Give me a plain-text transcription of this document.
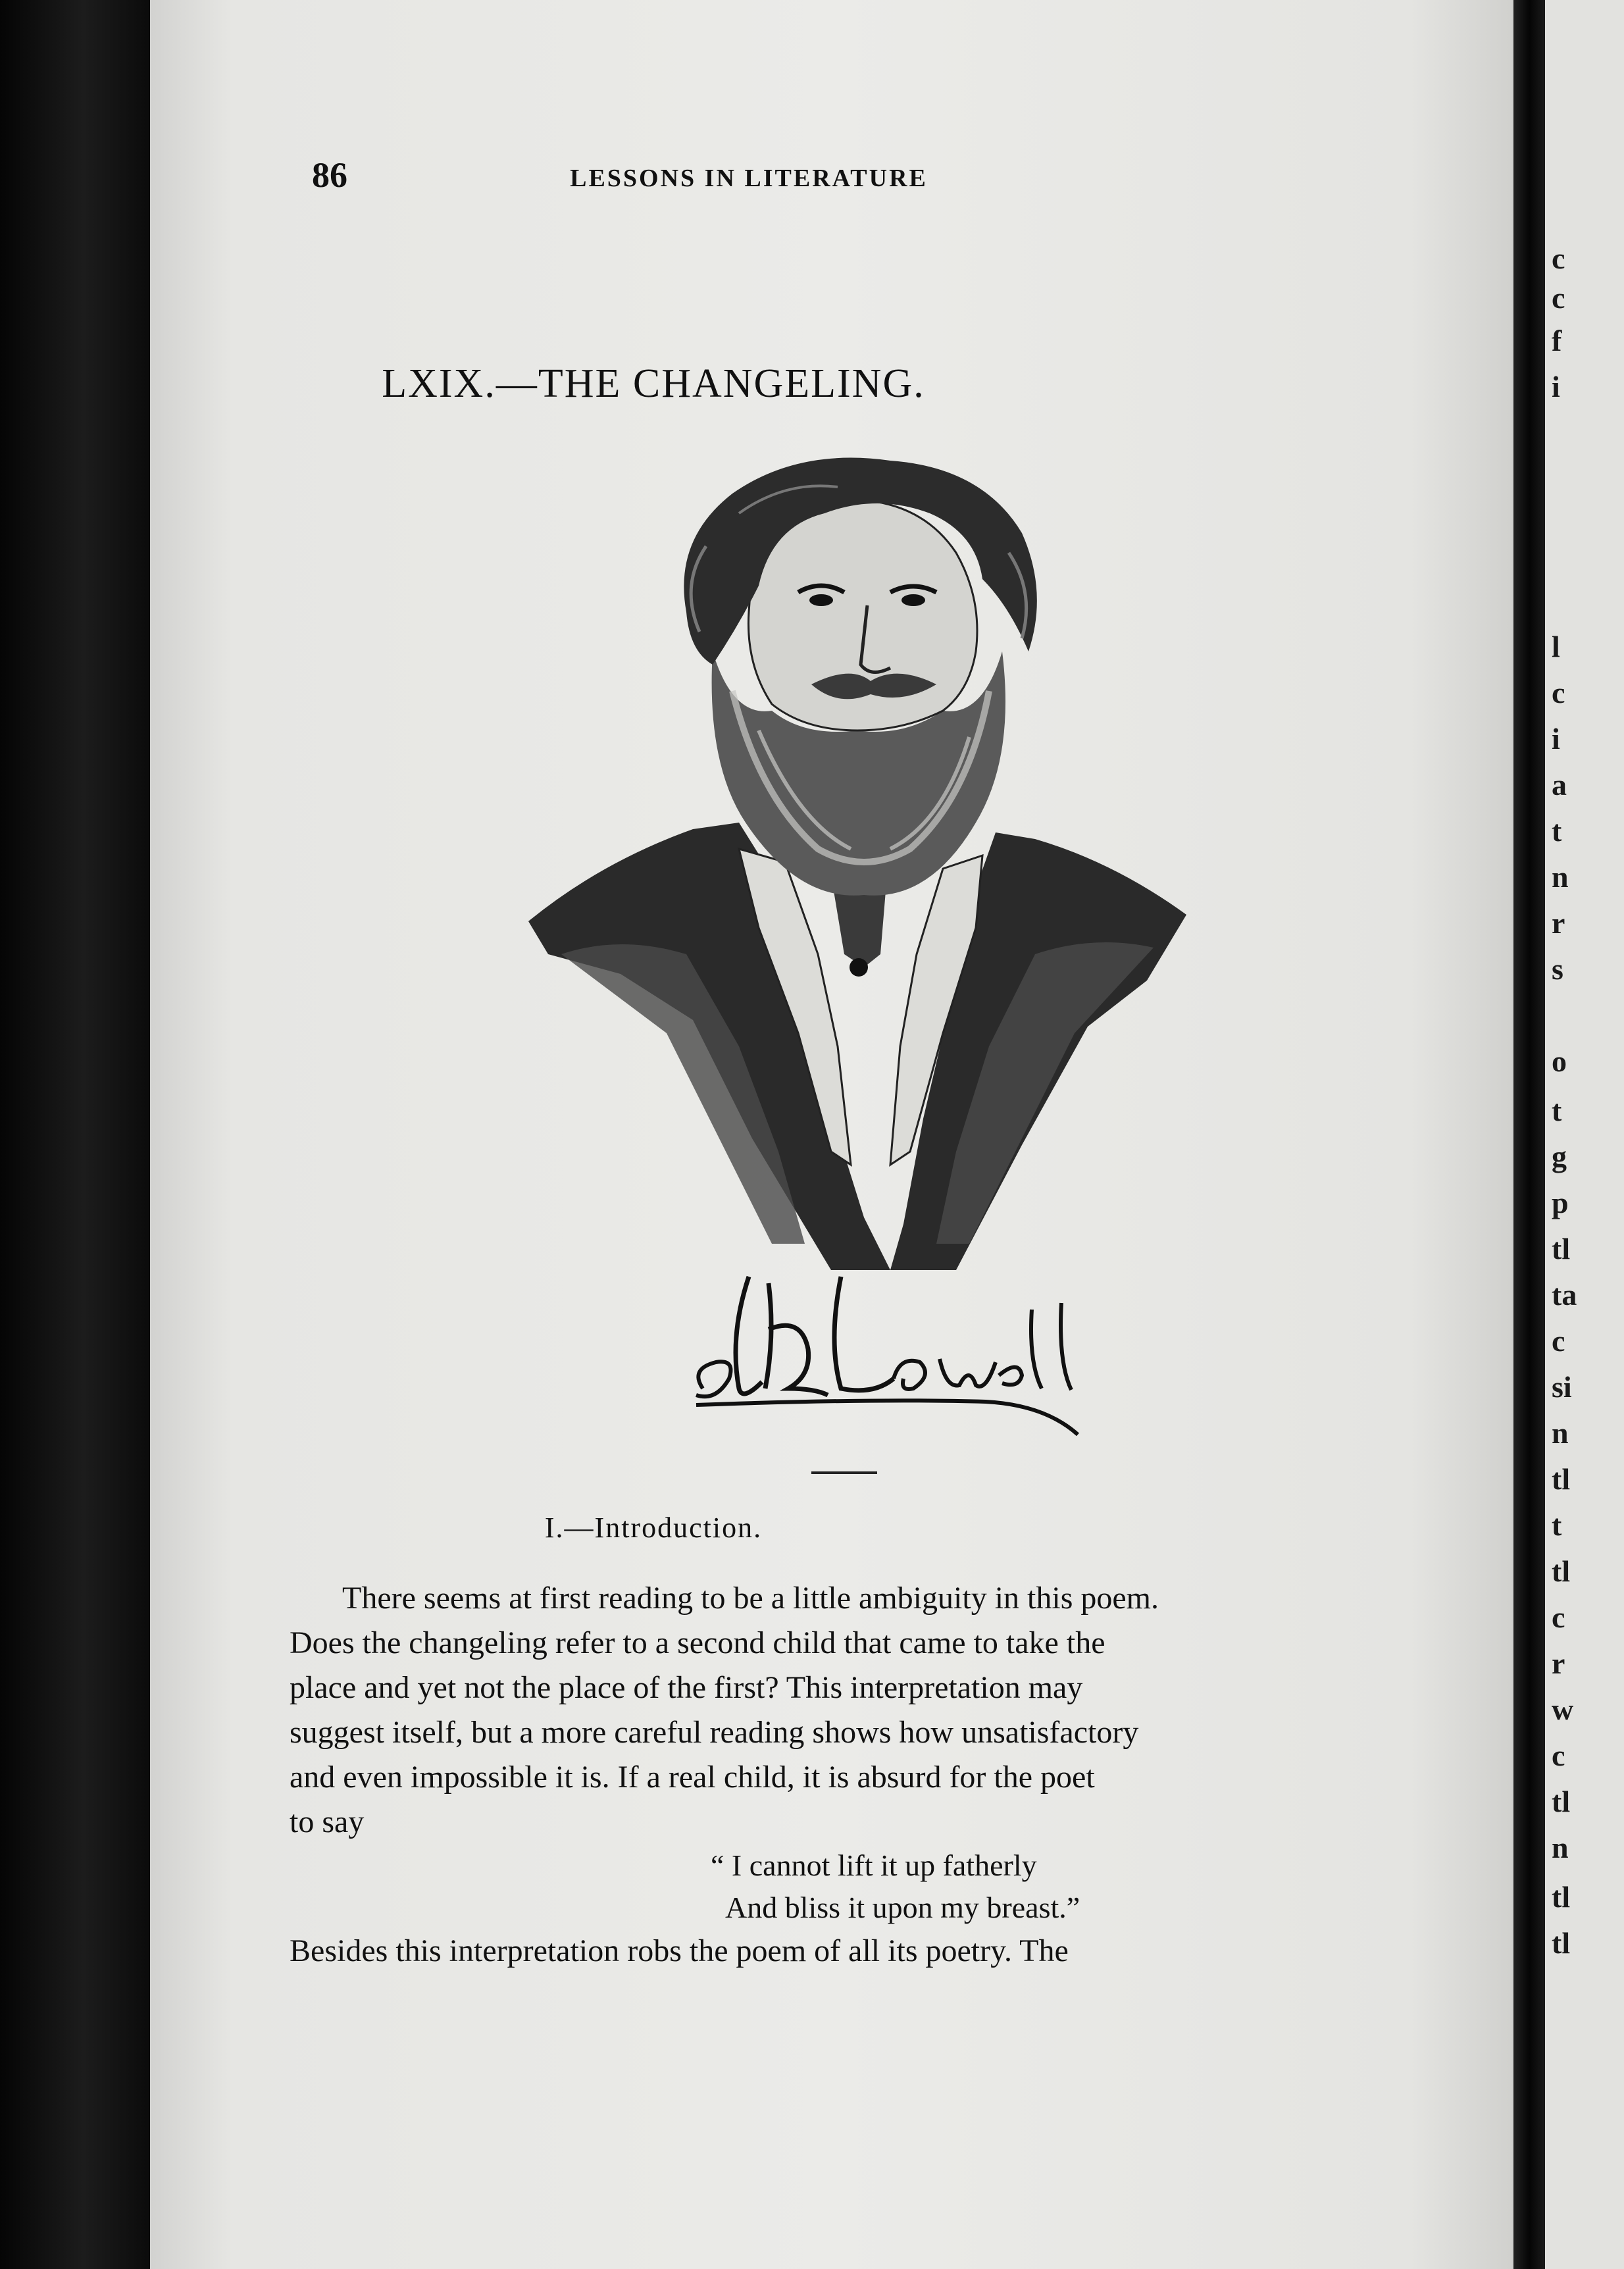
86	LESSONS IN LITERATURE
LXIX.—THE CHANGELING.
I.—Introduction.
There seems at first reading to be a little ambiguity in this poem.
Does the changeling refer to a second child that came to take the
place and yet not the place of the first? This interpretation may
suggest itself, but a more careful reading shows how unsatisfactory
and even impossible it is. If a real child, it is absurd for the poet
to say
“ I cannot lift it up fatherly
And bliss it upon my breast.”
Besides this interpretation robs the poem of all its poetry. The
c
c
f
i
l
c
i
a
t
n
r
s
o
t
g
p
tl
ta
c
si
n
tl
t
tl
c
r
w
c
tl
n
tl
tl
